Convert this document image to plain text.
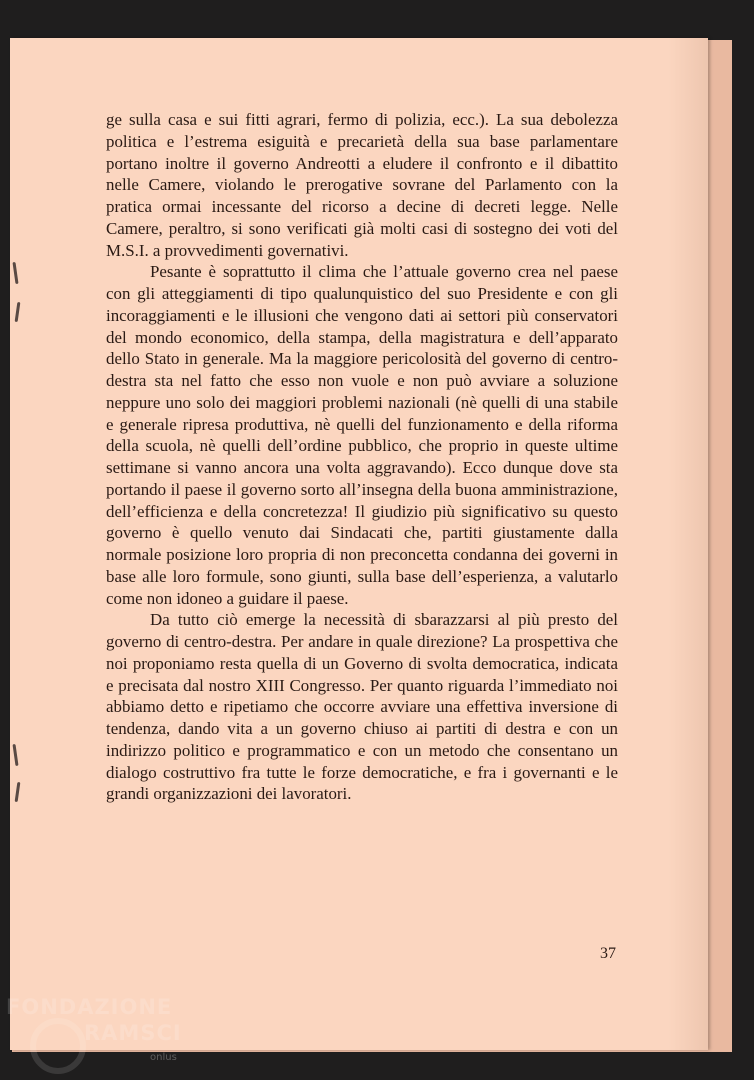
ge sulla casa e sui fitti agrari, fermo di polizia, ecc.). La sua debolezza politica e l’estrema esiguità e precarietà della sua base parlamentare portano inoltre il governo Andreotti a eludere il confronto e il dibattito nelle Camere, violando le prerogative sovrane del Parlamento con la pratica ormai incessante del ricorso a decine di decreti legge. Nelle Camere, peraltro, si sono verificati già molti casi di sostegno dei voti del M.S.I. a provvedimenti governativi.

Pesante è soprattutto il clima che l’attuale governo crea nel paese con gli atteggiamenti di tipo qualunquistico del suo Presidente e con gli incoraggiamenti e le illusioni che vengono dati ai settori più conservatori del mondo economico, della stampa, della magistratura e dell’apparato dello Stato in generale. Ma la maggiore pericolosità del governo di centro-destra sta nel fatto che esso non vuole e non può avviare a soluzione neppure uno solo dei maggiori problemi nazionali (nè quelli di una stabile e generale ripresa produttiva, nè quelli del funzionamento e della riforma della scuola, nè quelli dell’ordine pubblico, che proprio in queste ultime settimane si vanno ancora una volta aggravando). Ecco dunque dove sta portando il paese il governo sorto all’insegna della buona amministrazione, dell’efficienza e della concretezza! Il giudizio più significativo su questo governo è quello venuto dai Sindacati che, partiti giustamente dalla normale posizione loro propria di non preconcetta condanna dei governi in base alle loro formule, sono giunti, sulla base dell’esperienza, a valutarlo come non idoneo a guidare il paese.

Da tutto ciò emerge la necessità di sbarazzarsi al più presto del governo di centro-destra. Per andare in quale direzione? La prospettiva che noi proponiamo resta quella di un Governo di svolta democratica, indicata e precisata dal nostro XIII Congresso. Per quanto riguarda l’immediato noi abbiamo detto e ripetiamo che occorre avviare una effettiva inversione di tendenza, dando vita a un governo chiuso ai partiti di destra e con un indirizzo politico e programmatico e con un metodo che consentano un dialogo costruttivo fra tutte le forze democratiche, e fra i governanti e le grandi organizzazioni dei lavoratori.

37
FONDAZIONE
RAMSCI
onlus
